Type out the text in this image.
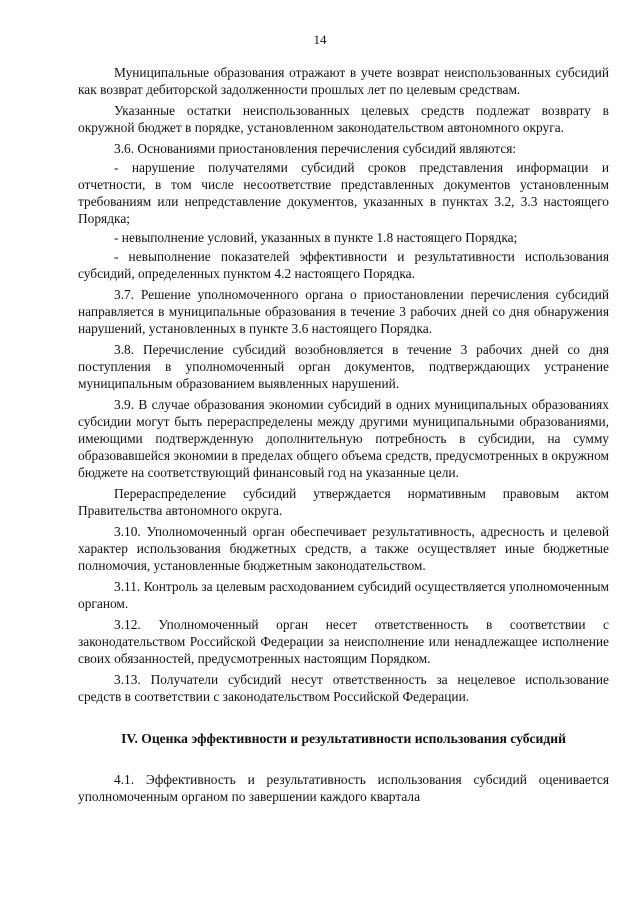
14

Муниципальные образования отражают в учете возврат неиспользованных субсидий как возврат дебиторской задолженности прошлых лет по целевым средствам.

Указанные остатки неиспользованных целевых средств подлежат возврату в окружной бюджет в порядке, установленном законодательством автономного округа.

3.6. Основаниями приостановления перечисления субсидий являются:

- нарушение получателями субсидий сроков представления информации и отчетности, в том числе несоответствие представленных документов установленным требованиям или непредставление документов, указанных в пунктах 3.2, 3.3 настоящего Порядка;

- невыполнение условий, указанных в пункте 1.8 настоящего Порядка;

- невыполнение показателей эффективности и результативности использования субсидий, определенных пунктом 4.2 настоящего Порядка.

3.7. Решение уполномоченного органа о приостановлении перечисления субсидий направляется в муниципальные образования в течение 3 рабочих дней со дня обнаружения нарушений, установленных в пункте 3.6 настоящего Порядка.

3.8. Перечисление субсидий возобновляется в течение 3 рабочих дней со дня поступления в уполномоченный орган документов, подтверждающих устранение муниципальным образованием выявленных нарушений.

3.9. В случае образования экономии субсидий в одних муниципальных образованиях субсидии могут быть перераспределены между другими муниципальными образованиями, имеющими подтвержденную дополнительную потребность в субсидии, на сумму образовавшейся экономии в пределах общего объема средств, предусмотренных в окружном бюджете на соответствующий финансовый год на указанные цели.

Перераспределение субсидий утверждается нормативным правовым актом Правительства автономного округа.

3.10. Уполномоченный орган обеспечивает результативность, адресность и целевой характер использования бюджетных средств, а также осуществляет иные бюджетные полномочия, установленные бюджетным законодательством.

3.11. Контроль за целевым расходованием субсидий осуществляется уполномоченным органом.

3.12. Уполномоченный орган несет ответственность в соответствии с законодательством Российской Федерации за неисполнение или ненадлежащее исполнение своих обязанностей, предусмотренных настоящим Порядком.

3.13. Получатели субсидий несут ответственность за нецелевое использование средств в соответствии с законодательством Российской Федерации.

IV. Оценка эффективности и результативности использования субсидий

4.1. Эффективность и результативность использования субсидий оценивается уполномоченным органом по завершении каждого квартала
